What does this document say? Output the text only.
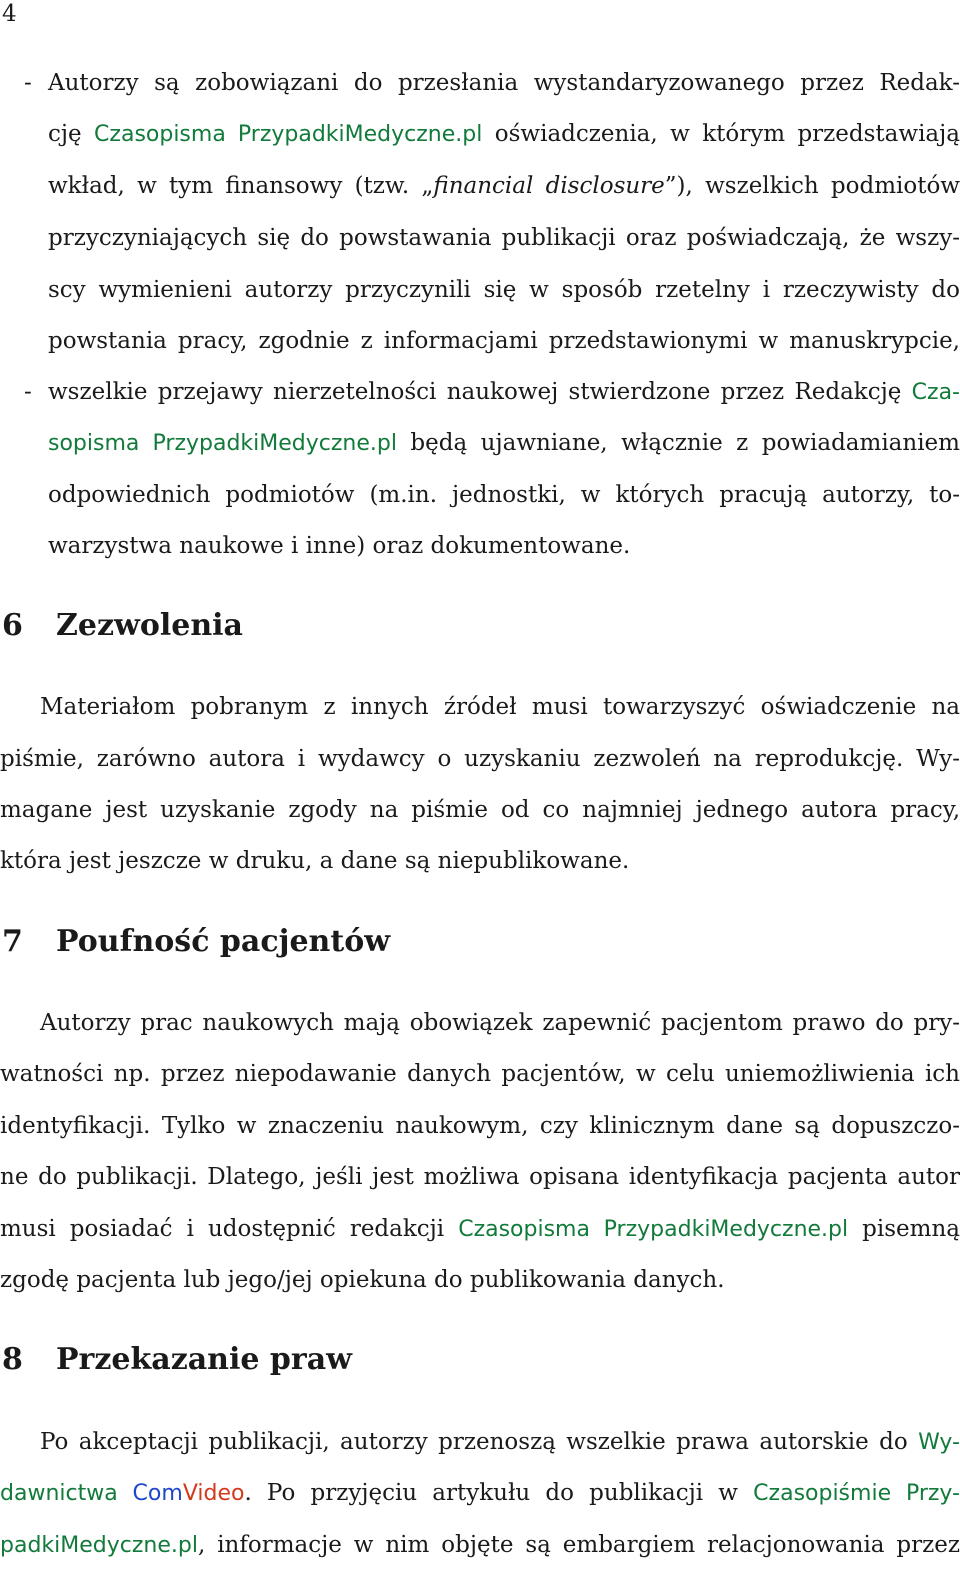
4
- Autorzy są zobowiązani do przesłania wystandaryzowanego przez Redak-
cję Czasopisma PrzypadkiMedyczne.pl oświadczenia, w którym przedstawiają
wkład, w tym finansowy (tzw. „financial disclosure”), wszelkich podmiotów
przyczyniających się do powstawania publikacji oraz poświadczają, że wszy-
scy wymienieni autorzy przyczynili się w sposób rzetelny i rzeczywisty do
powstania pracy, zgodnie z informacjami przedstawionymi w manuskrypcie,
- wszelkie przejawy nierzetelności naukowej stwierdzone przez Redakcję Cza-
sopisma PrzypadkiMedyczne.pl będą ujawniane, włącznie z powiadamianiem
odpowiednich podmiotów (m.in. jednostki, w których pracują autorzy, to-
warzystwa naukowe i inne) oraz dokumentowane.
6 Zezwolenia
Materiałom pobranym z innych źródeł musi towarzyszyć oświadczenie na
piśmie, zarówno autora i wydawcy o uzyskaniu zezwoleń na reprodukcję. Wy-
magane jest uzyskanie zgody na piśmie od co najmniej jednego autora pracy,
która jest jeszcze w druku, a dane są niepublikowane.
7 Poufność pacjentów
Autorzy prac naukowych mają obowiązek zapewnić pacjentom prawo do pry-
watności np. przez niepodawanie danych pacjentów, w celu uniemożliwienia ich
identyfikacji. Tylko w znaczeniu naukowym, czy klinicznym dane są dopuszczo-
ne do publikacji. Dlatego, jeśli jest możliwa opisana identyfikacja pacjenta autor
musi posiadać i udostępnić redakcji Czasopisma PrzypadkiMedyczne.pl pisemną
zgodę pacjenta lub jego/jej opiekuna do publikowania danych.
8 Przekazanie praw
Po akceptacji publikacji, autorzy przenoszą wszelkie prawa autorskie do Wy-
dawnictwa ComVideo. Po przyjęciu artykułu do publikacji w Czasopiśmie Przy-
padkiMedyczne.pl, informacje w nim objęte są embargiem relacjonowania przez
